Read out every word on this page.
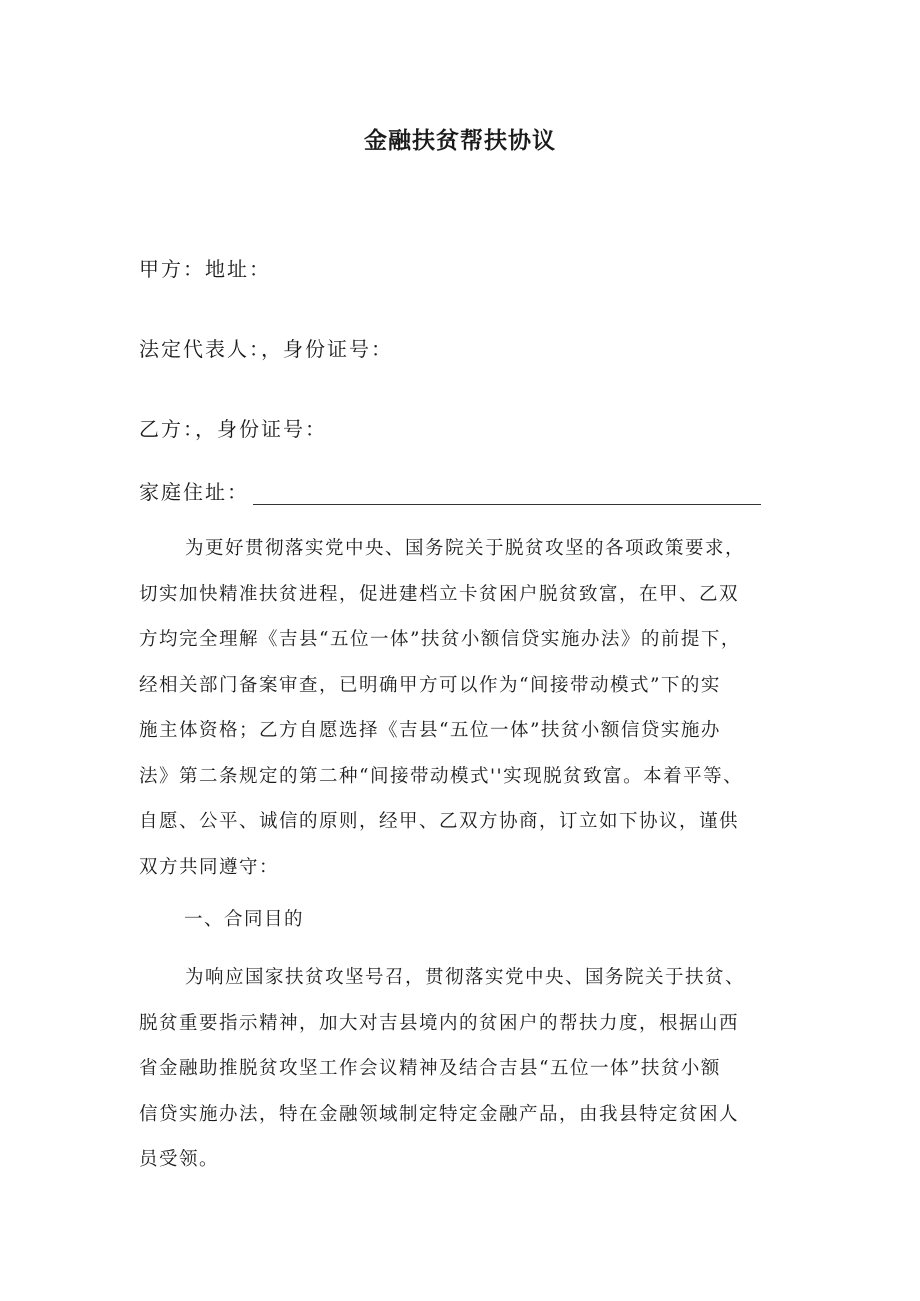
金融扶贫帮扶协议
甲方：地址：
法定代表人：，身份证号：
乙方：，身份证号：
家庭住址：
为更好贯彻落实党中央、国务院关于脱贫攻坚的各项政策要求，
切实加快精准扶贫进程，促进建档立卡贫困户脱贫致富，在甲、乙双
方均完全理解《吉县“五位一体”扶贫小额信贷实施办法》的前提下，
经相关部门备案审查，已明确甲方可以作为“间接带动模式”下的实
施主体资格；乙方自愿选择《吉县“五位一体”扶贫小额信贷实施办
法》第二条规定的第二种“间接带动模式''实现脱贫致富。本着平等、
自愿、公平、诚信的原则，经甲、乙双方协商，订立如下协议，谨供
双方共同遵守：
一、合同目的
为响应国家扶贫攻坚号召，贯彻落实党中央、国务院关于扶贫、
脱贫重要指示精神，加大对吉县境内的贫困户的帮扶力度，根据山西
省金融助推脱贫攻坚工作会议精神及结合吉县“五位一体”扶贫小额
信贷实施办法，特在金融领域制定特定金融产品，由我县特定贫困人
员受领。
